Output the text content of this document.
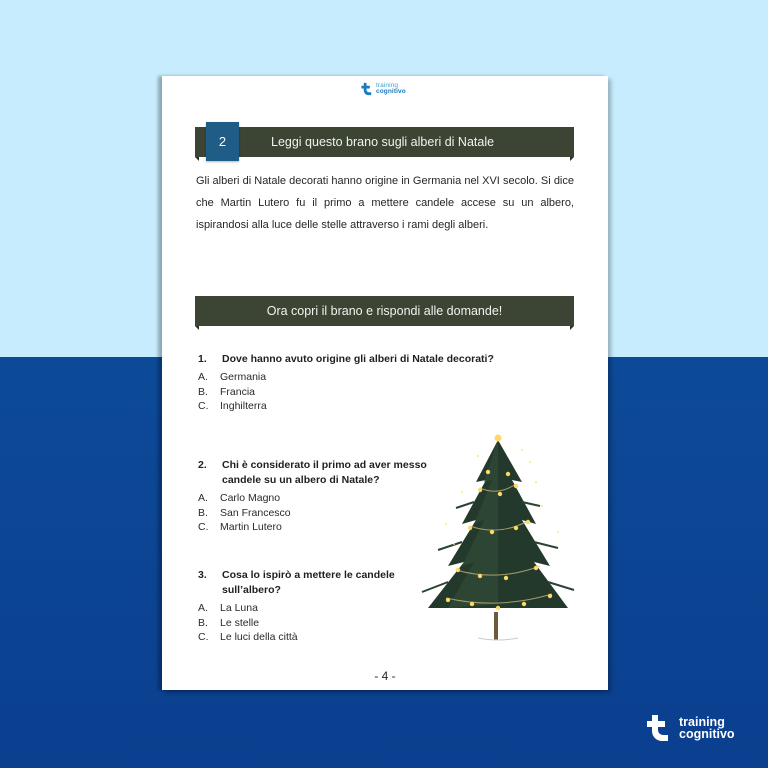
training
cognitivo
2	Leggi questo brano sugli alberi di Natale

Gli alberi di Natale decorati hanno origine in Germania nel XVI secolo. Si dice che Martin Lutero fu il primo a mettere candele accese su un albero, ispirandosi alla luce delle stelle attraverso i rami degli alberi.

Ora copri il brano e rispondi alle domande!
1.	Dove hanno avuto origine gli alberi di Natale decorati?
A.	Germania
B.	Francia
C.	Inghilterra
2.	Chi è considerato il primo ad aver messo candele su un albero di Natale?
A.	Carlo Magno
B.	San Francesco
C.	Martin Lutero
3.	Cosa lo ispirò a mettere le candele sull’albero?
A.	La Luna
B.	Le stelle
C.	Le luci della città
- 4 -
training
cognitivo
